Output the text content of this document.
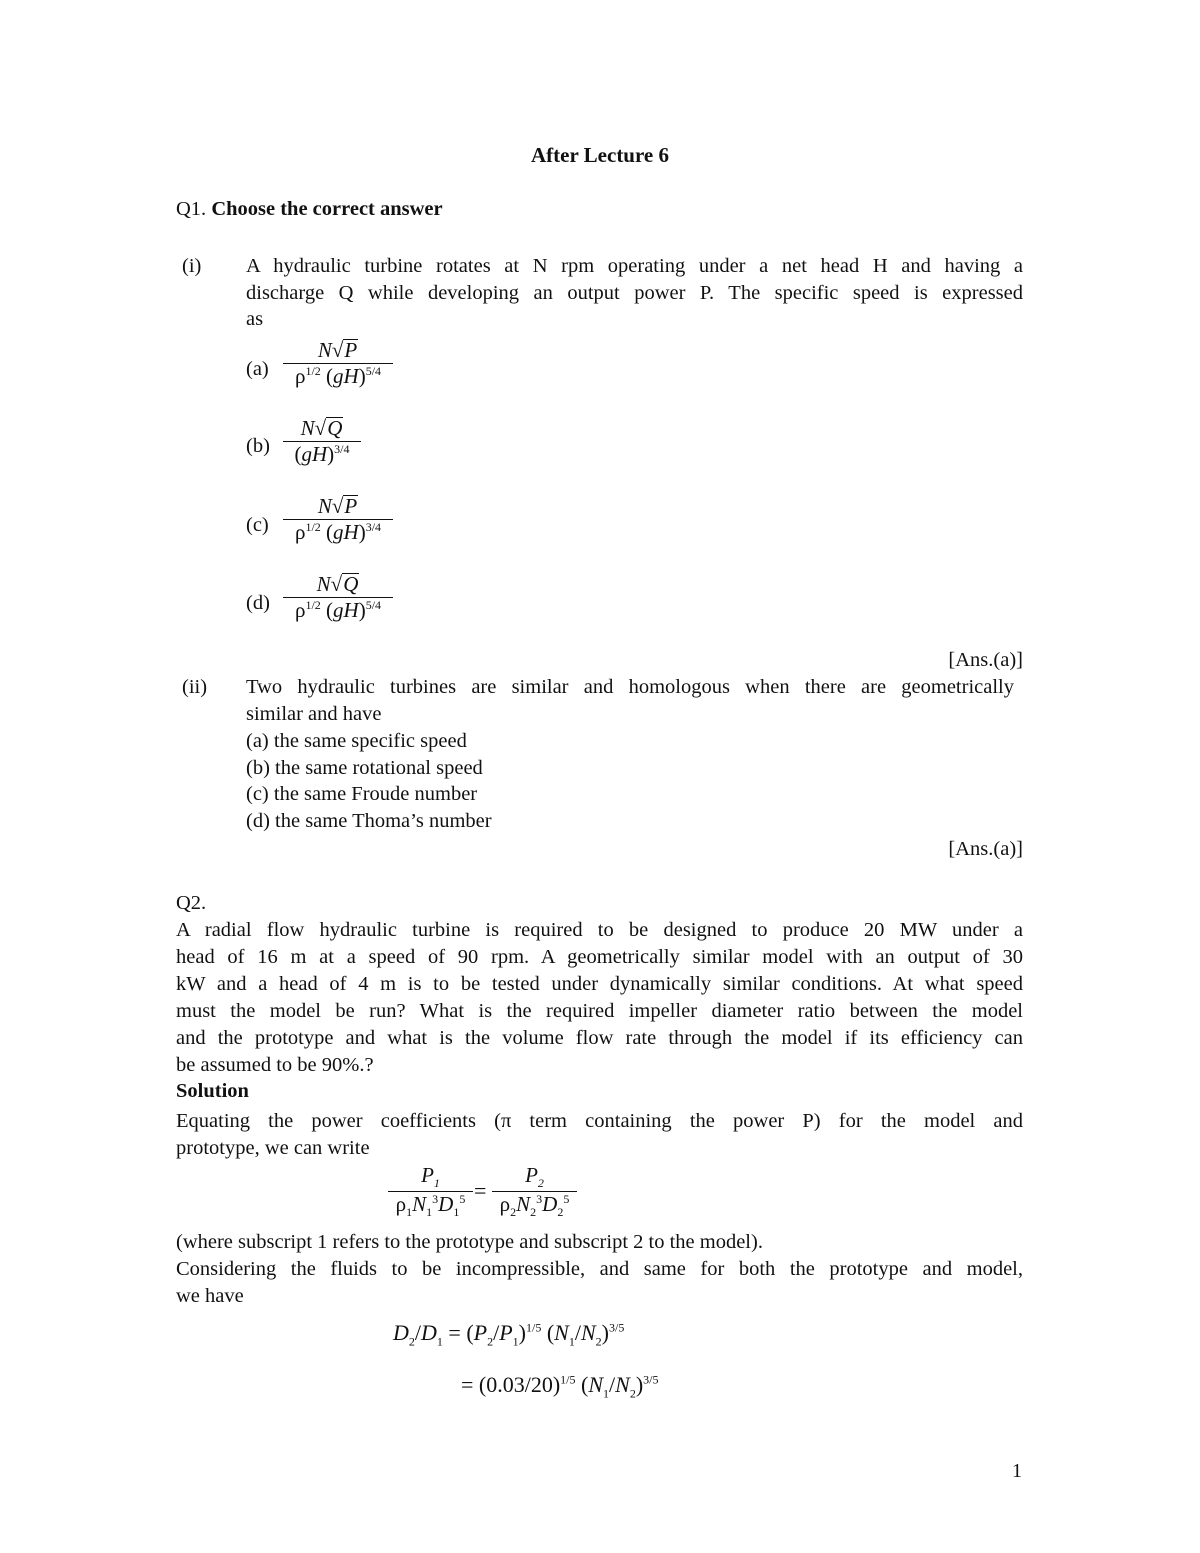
After Lecture 6
Q1. Choose the correct answer
(i) A hydraulic turbine rotates at N rpm operating under a net head H and having a
discharge Q while developing an output power P. The specific speed is expressed
as
(a)
N√P
$\rho^{1/2}$ (gH)$^{5/4}$
(b)
N√Q
(gH)$^{3/4}$
(c)
N√P
$\rho^{1/2}$ (gH)$^{3/4}$
(d)
N√Q
$\rho^{1/2}$ (gH)$^{5/4}$
[Ans.(a)]
(ii) Two hydraulic turbines are similar and homologous when there are geometrically
similar and have
(a) the same specific speed
(b) the same rotational speed
(c) the same Froude number
(d) the same Thoma’s number
[Ans.(a)]
Q2.
A radial flow hydraulic turbine is required to be designed to produce 20 MW under a
head of 16 m at a speed of 90 rpm. A geometrically similar model with an output of 30
kW and a head of 4 m is to be tested under dynamically similar conditions. At what speed
must the model be run? What is the required impeller diameter ratio between the model
and the prototype and what is the volume flow rate through the model if its efficiency can
be assumed to be 90%.?
Solution
Equating the power coefficients (π term containing the power P) for the model and
prototype, we can write
$P_1$
$\rho_1N_1^3D_1^5$ =
$P_2$
$\rho_2N_2^3D_2^5$
(where subscript 1 refers to the prototype and subscript 2 to the model).
Considering the fluids to be incompressible, and same for both the prototype and model,
we have
$D_2/D_1 = (P_2/P_1)^{1/5}$ $(N_1/N_2)^{3/5}$
= $(0.03/20)^{1/5}$ $(N_1/N_2)^{3/5}$
1
